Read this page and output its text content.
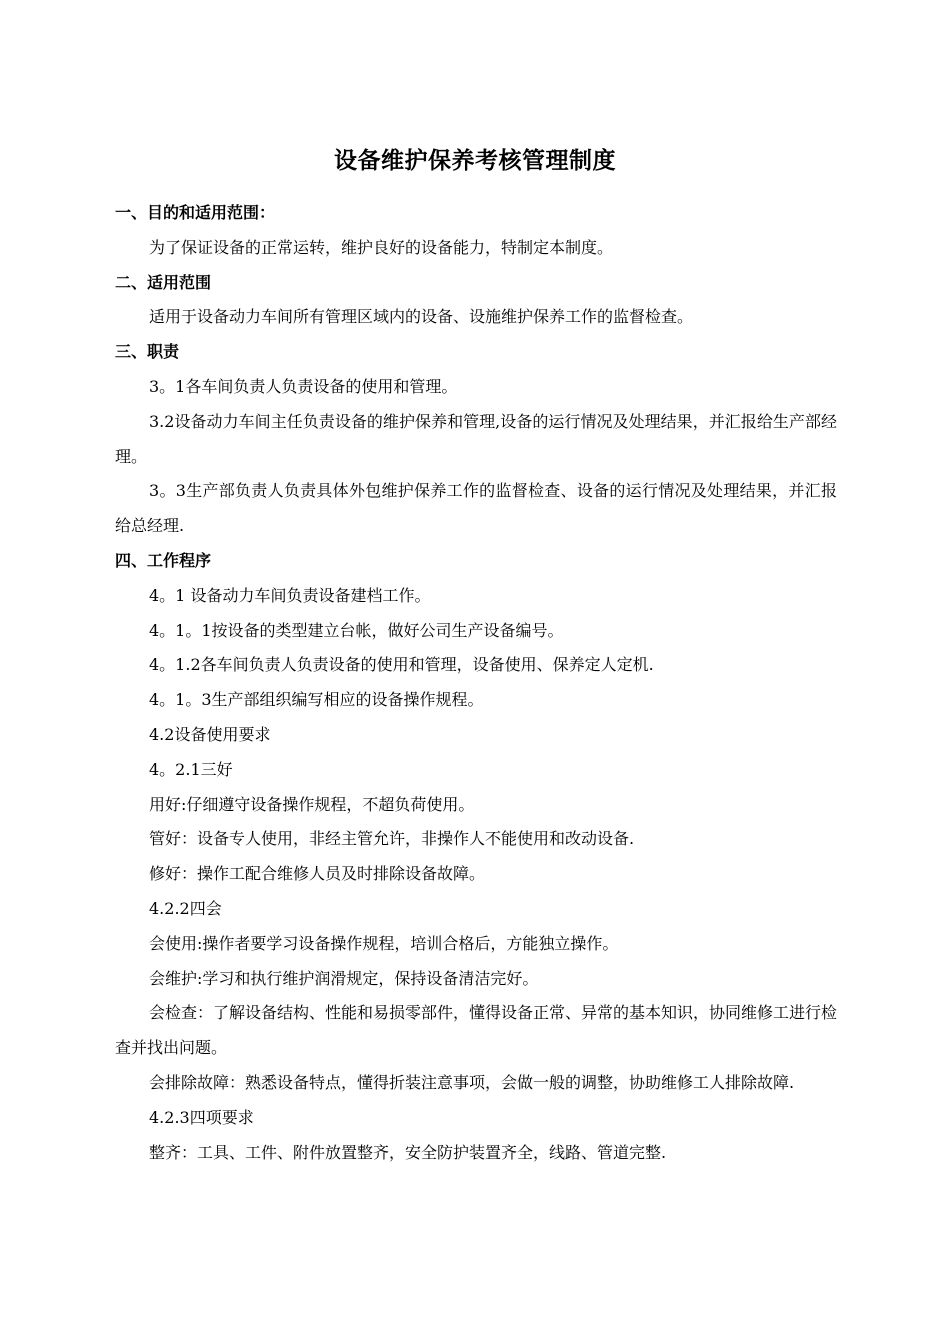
设备维护保养考核管理制度
一、目的和适用范围：
为了保证设备的正常运转，维护良好的设备能力，特制定本制度。
二、适用范围
适用于设备动力车间所有管理区域内的设备、设施维护保养工作的监督检查。
三、职责
3。1各车间负责人负责设备的使用和管理。
3.2设备动力车间主任负责设备的维护保养和管理,设备的运行情况及处理结果，并汇报给生产部经理。
3。3生产部负责人负责具体外包维护保养工作的监督检查、设备的运行情况及处理结果，并汇报给总经理.
四、工作程序
4。1 设备动力车间负责设备建档工作。
4。1。1按设备的类型建立台帐，做好公司生产设备编号。
4。1.2各车间负责人负责设备的使用和管理，设备使用、保养定人定机.
4。1。3生产部组织编写相应的设备操作规程。
4.2设备使用要求
4。2.1三好
用好:仔细遵守设备操作规程，不超负荷使用。
管好：设备专人使用，非经主管允许，非操作人不能使用和改动设备.
修好：操作工配合维修人员及时排除设备故障。
4.2.2四会
会使用:操作者要学习设备操作规程，培训合格后，方能独立操作。
会维护:学习和执行维护润滑规定，保持设备清洁完好。
会检查：了解设备结构、性能和易损零部件，懂得设备正常、异常的基本知识，协同维修工进行检查并找出问题。
会排除故障：熟悉设备特点，懂得折装注意事项，会做一般的调整，协助维修工人排除故障.
4.2.3四项要求
整齐：工具、工件、附件放置整齐，安全防护装置齐全，线路、管道完整.
